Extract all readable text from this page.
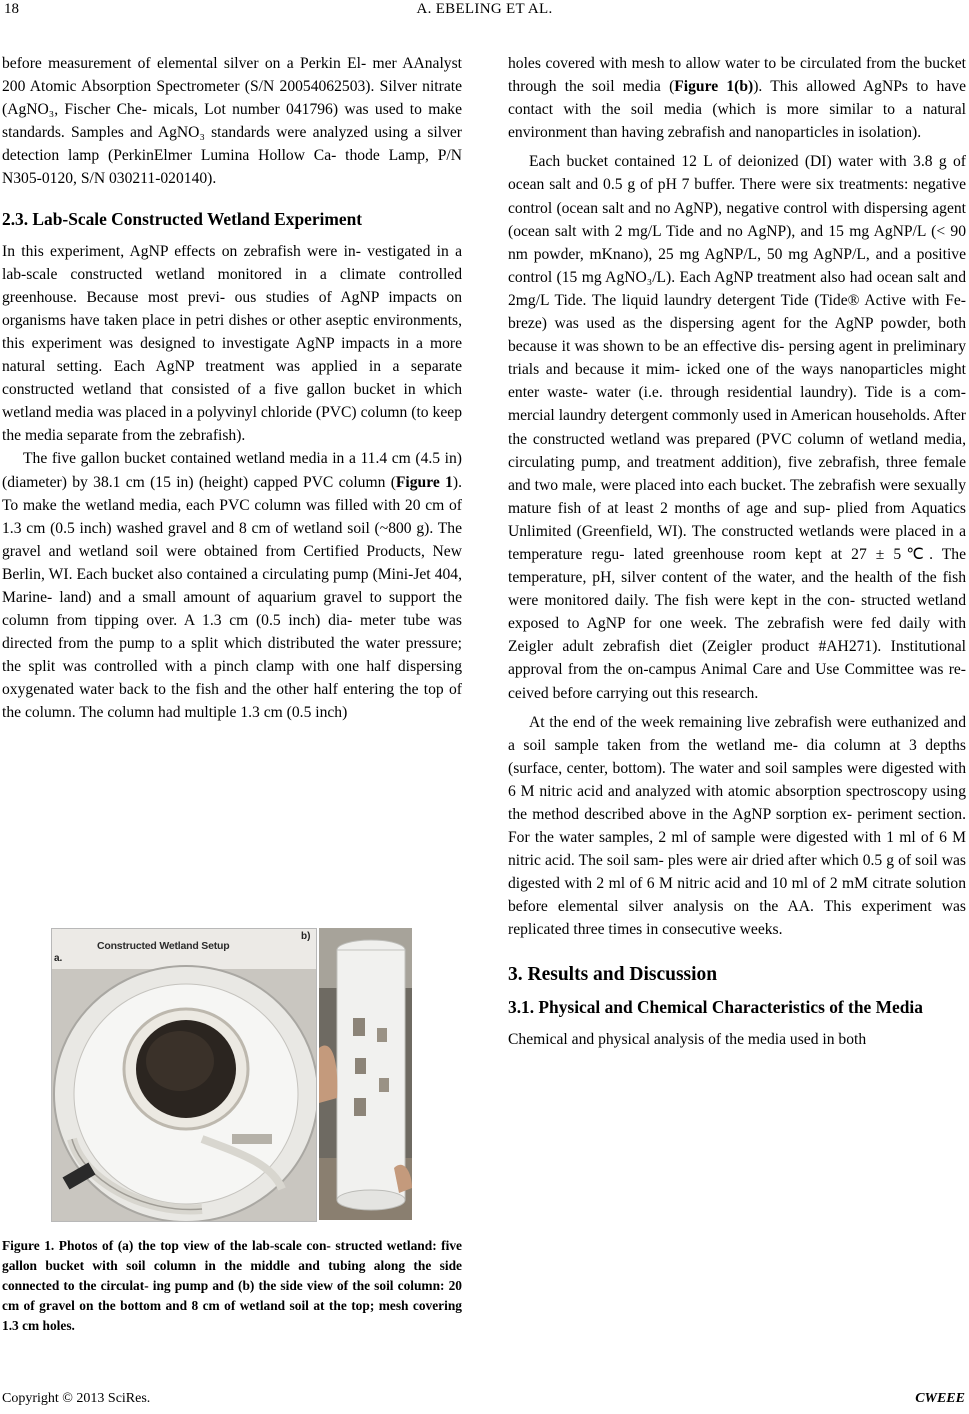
18	A. EBELING ET AL.

before measurement of elemental silver on a Perkin El- mer AAnalyst 200 Atomic Absorption Spectrometer (S/N 20054062503). Silver nitrate (AgNO₃, Fischer Che- micals, Lot number 041796) was used to make standards. Samples and AgNO₃ standards were analyzed using a silver detection lamp (PerkinElmer Lumina Hollow Ca- thode Lamp, P/N N305-0120, S/N 030211-020140).

2.3. Lab-Scale Constructed Wetland Experiment

In this experiment, AgNP effects on zebrafish were in- vestigated in a lab-scale constructed wetland monitored in a climate controlled greenhouse. Because most previ- ous studies of AgNP impacts on organisms have taken place in petri dishes or other aseptic environments, this experiment was designed to investigate AgNP impacts in a more natural setting. Each AgNP treatment was applied in a separate constructed wetland that consisted of a five gallon bucket in which wetland media was placed in a polyvinyl chloride (PVC) column (to keep the media separate from the zebrafish).

The five gallon bucket contained wetland media in a 11.4 cm (4.5 in) (diameter) by 38.1 cm (15 in) (height) capped PVC column (Figure 1). To make the wetland media, each PVC column was filled with 20 cm of 1.3 cm (0.5 inch) washed gravel and 8 cm of wetland soil (~800 g). The gravel and wetland soil were obtained from Certified Products, New Berlin, WI. Each bucket also contained a circulating pump (Mini-Jet 404, Marine- land) and a small amount of aquarium gravel to support the column from tipping over. A 1.3 cm (0.5 inch) dia- meter tube was directed from the pump to a split which distributed the water pressure; the split was controlled with a pinch clamp with one half dispersing oxygenated water back to the fish and the other half entering the top of the column. The column had multiple 1.3 cm (0.5 inch)

Constructed Wetland Setup
a.
b)
Figure 1. Photos of (a) the top view of the lab-scale con- structed wetland: five gallon bucket with soil column in the middle and tubing along the side connected to the circulat- ing pump and (b) the side view of the soil column: 20 cm of gravel on the bottom and 8 cm of wetland soil at the top; mesh covering 1.3 cm holes.

holes covered with mesh to allow water to be circulated from the bucket through the soil media (Figure 1(b)). This allowed AgNPs to have contact with the soil media (which is more similar to a natural environment than having zebrafish and nanoparticles in isolation).

Each bucket contained 12 L of deionized (DI) water with 3.8 g of ocean salt and 0.5 g of pH 7 buffer. There were six treatments: negative control (ocean salt and no AgNP), negative control with dispersing agent (ocean salt with 2 mg/L Tide and no AgNP), and 15 mg AgNP/L (< 90 nm powder, mKnano), 25 mg AgNP/L, 50 mg AgNP/L, and a positive control (15 mg AgNO₃/L). Each AgNP treatment also had ocean salt and 2mg/L Tide. The liquid laundry detergent Tide (Tide® Active with Fe- breze) was used as the dispersing agent for the AgNP powder, both because it was shown to be an effective dis- persing agent in preliminary trials and because it mim- icked one of the ways nanoparticles might enter waste- water (i.e. through residential laundry). Tide is a com- mercial laundry detergent commonly used in American households. After the constructed wetland was prepared (PVC column of wetland media, circulating pump, and treatment addition), five zebrafish, three female and two male, were placed into each bucket. The zebrafish were sexually mature fish of at least 2 months of age and sup- plied from Aquatics Unlimited (Greenfield, WI). The constructed wetlands were placed in a temperature regu- lated greenhouse room kept at 27 ± 5℃. The temperature, pH, silver content of the water, and the health of the fish were monitored daily. The fish were kept in the con- structed wetland exposed to AgNP for one week. The zebrafish were fed daily with Zeigler adult zebrafish diet (Zeigler product #AH271). Institutional approval from the on-campus Animal Care and Use Committee was re- ceived before carrying out this research.

At the end of the week remaining live zebrafish were euthanized and a soil sample taken from the wetland me- dia column at 3 depths (surface, center, bottom). The water and soil samples were digested with 6 M nitric acid and analyzed with atomic absorption spectroscopy using the method described above in the AgNP sorption ex- periment section. For the water samples, 2 ml of sample were digested with 1 ml of 6 M nitric acid. The soil sam- ples were air dried after which 0.5 g of soil was digested with 2 ml of 6 M nitric acid and 10 ml of 2 mM citrate solution before elemental silver analysis on the AA. This experiment was replicated three times in consecutive weeks.

3. Results and Discussion
3.1. Physical and Chemical Characteristics of the Media

Chemical and physical analysis of the media used in both

Copyright © 2013 SciRes.	CWEEE
